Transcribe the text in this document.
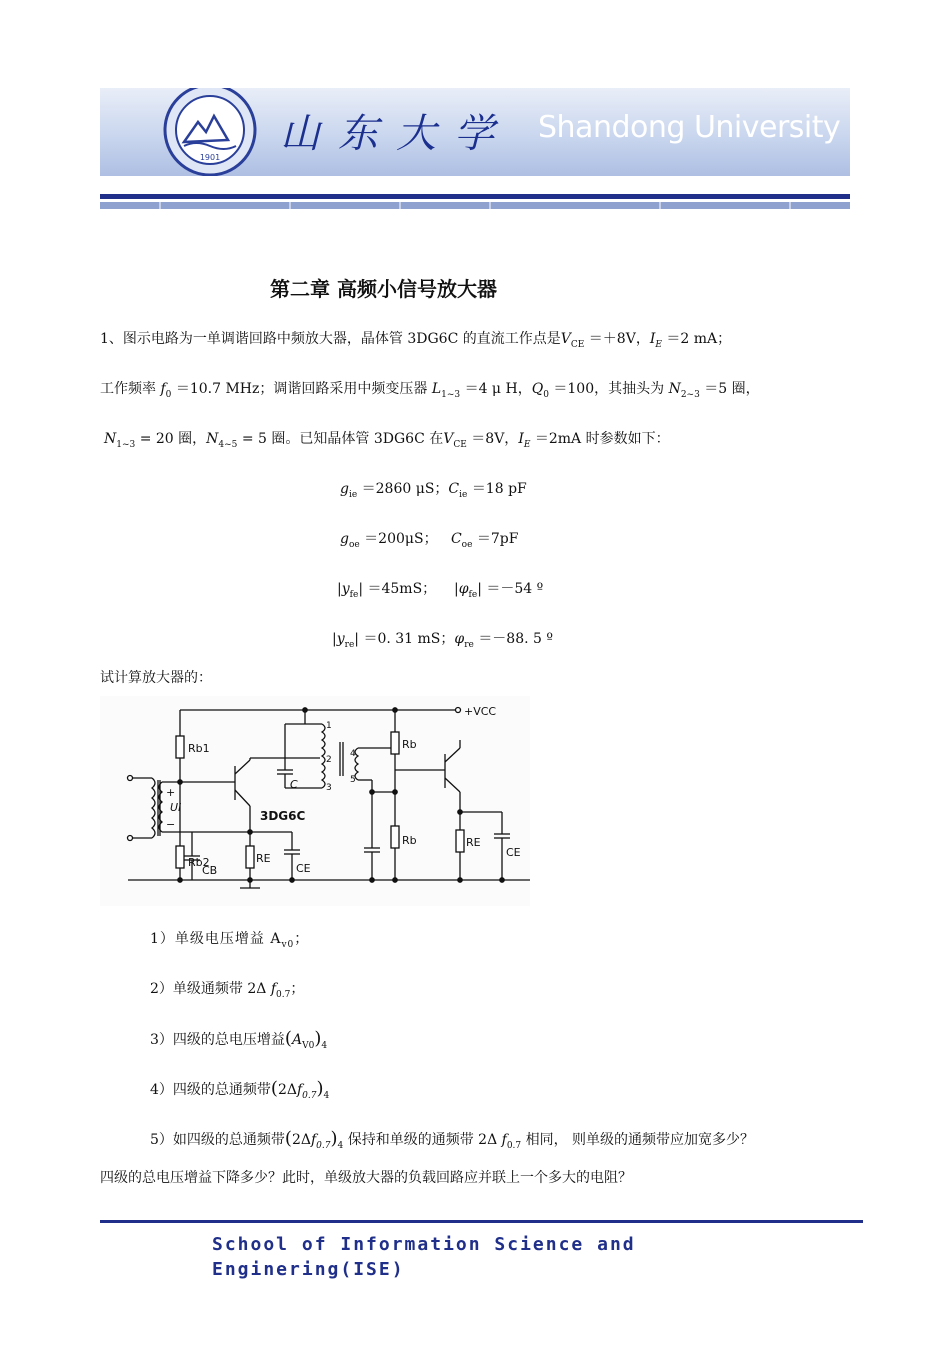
1901
山东大学 Shandong University
第二章 高频小信号放大器
1、图示电路为一单调谐回路中频放大器，晶体管 3DG6C 的直流工作点是$V_{CE} =+8V$，$I_E =2$ mA；
工作频率 $f_0 =10.7$ MHz；调谐回路采用中频变压器 $L_{1\sim 3} =4$ μ H，$Q_0 =100$，其抽头为 $N_{2\sim 3} =5$ 圈，
$N_{1\sim 3} = 20$ 圈，$N_{4\sim 5} = 5$ 圈。已知晶体管 3DG6C 在$V_{CE} =8V$，$I_E =2mA$ 时参数如下：
$g_{ie} =2860$ μS；$C_{ie} =18$ pF
$g_{oe} =200\mu S$； $C_{oe} =7pF$
$|y_{fe}| =45mS$；    $|\varphi_{fe}| =-54$ º
$|y_{re}| =0$. 31 mS；$\varphi_{re} =-88$. 5 º
试计算放大器的：
+VCC
Rb1
Rb2
+
Ui
−
CB
3DG6C
RE
CE
C
1
2
3
4
5
Rb
Rb	RE
CE
1）单级电压增益 $A_{v0}$；
2）单级通频带 2Δ $f_{0.7}$；
3）四级的总电压增益$(A_{V0})_4$
4）四级的总通频带$(2\Delta f_{0.7})_4$
5）如四级的总通频带$(2\Delta f_{0.7})_4$ 保持和单级的通频带 2Δ $f_{0.7}$ 相同， 则单级的通频带应加宽多少？
四级的总电压增益下降多少？此时，单级放大器的负载回路应并联上一个多大的电阻？
School of Information Science and
Enginering(ISE)
